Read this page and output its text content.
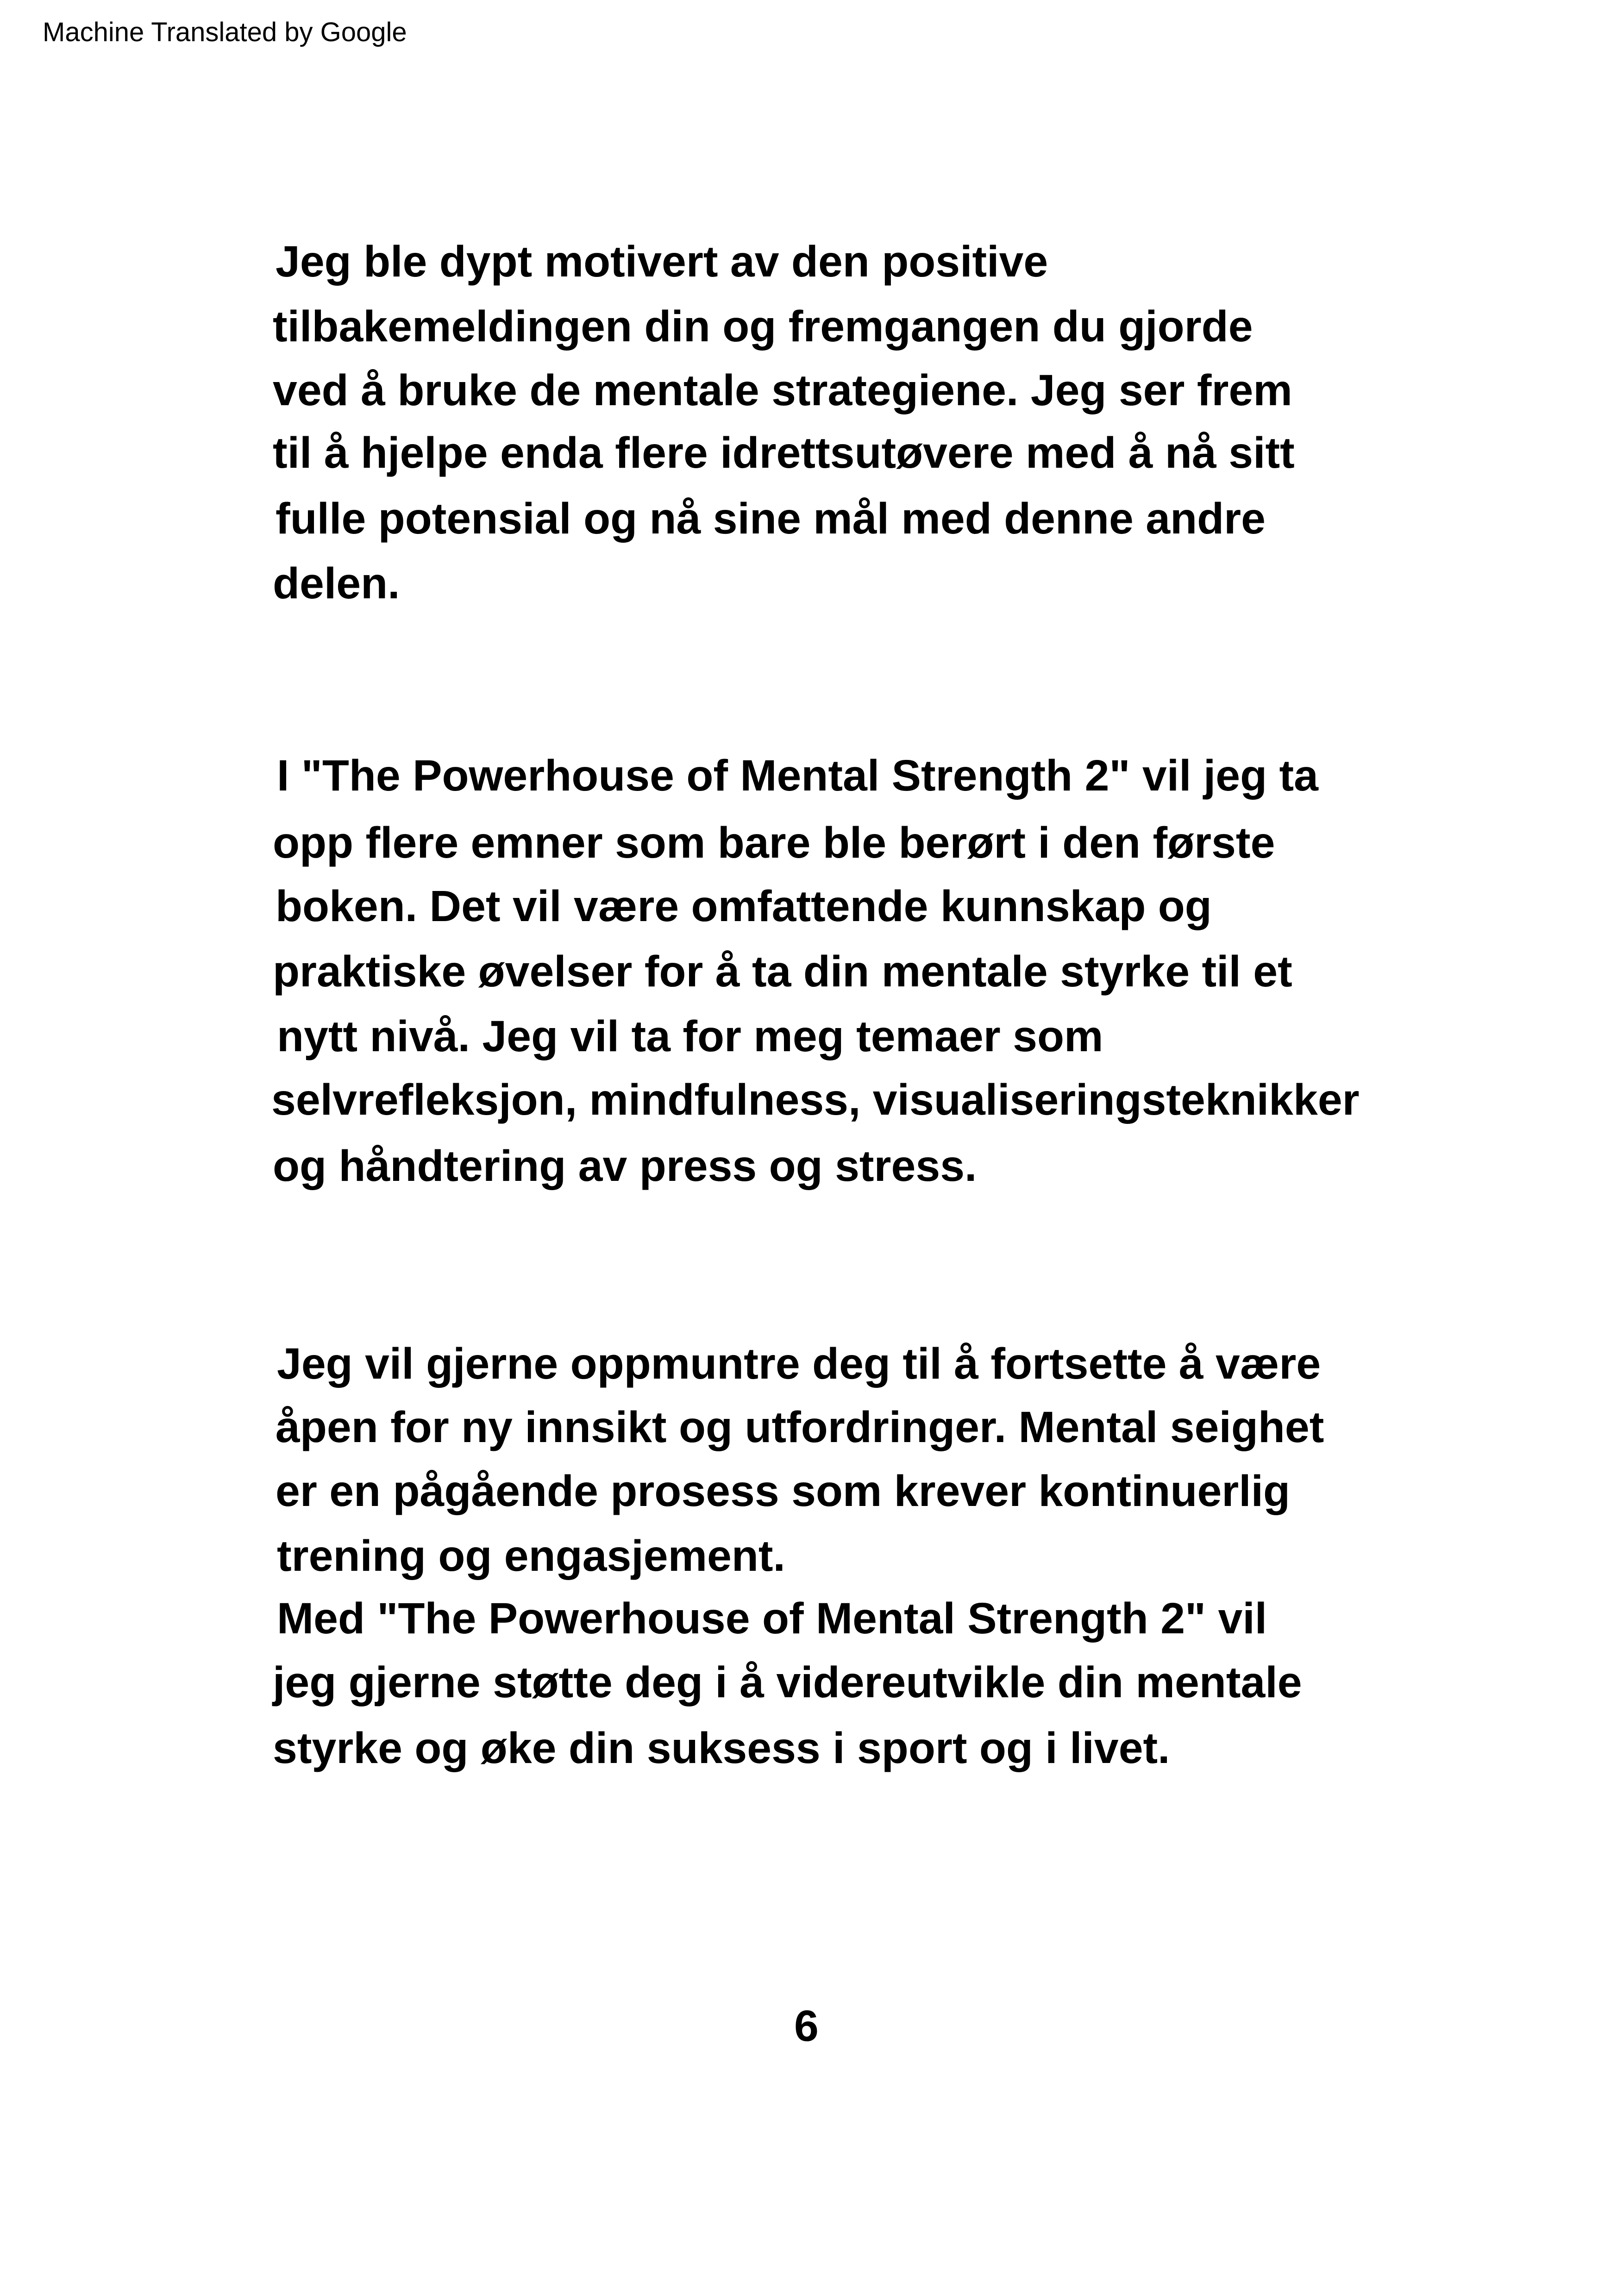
Machine Translated by Google
Jeg ble dypt motivert av den positive
tilbakemeldingen din og fremgangen du gjorde
ved å bruke de mentale strategiene. Jeg ser frem
til å hjelpe enda flere idrettsutøvere med å nå sitt
fulle potensial og nå sine mål med denne andre
delen.
I "The Powerhouse of Mental Strength 2" vil jeg ta
opp flere emner som bare ble berørt i den første
boken. Det vil være omfattende kunnskap og
praktiske øvelser for å ta din mentale styrke til et
nytt nivå. Jeg vil ta for meg temaer som
selvrefleksjon, mindfulness, visualiseringsteknikker
og håndtering av press og stress.
Jeg vil gjerne oppmuntre deg til å fortsette å være
åpen for ny innsikt og utfordringer. Mental seighet
er en pågående prosess som krever kontinuerlig
trening og engasjement.
Med "The Powerhouse of Mental Strength 2" vil
jeg gjerne støtte deg i å videreutvikle din mentale
styrke og øke din suksess i sport og i livet.
6
